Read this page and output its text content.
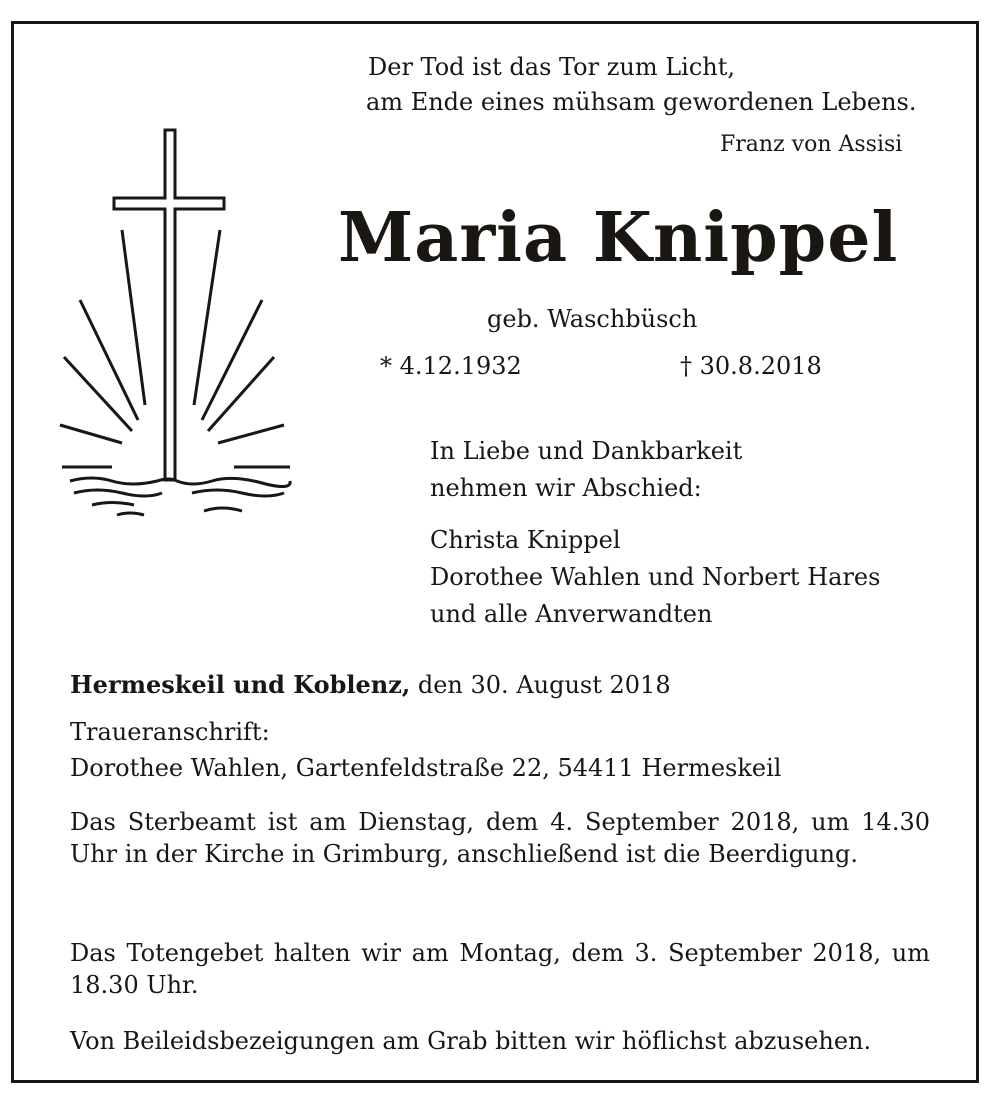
Der Tod ist das Tor zum Licht,
am Ende eines mühsam gewordenen Lebens.
Franz von Assisi
Maria Knippel
geb. Waschbüsch
* 4.12.1932	† 30.8.2018
In Liebe und Dankbarkeit
nehmen wir Abschied:
Christa Knippel
Dorothee Wahlen und Norbert Hares
und alle Anverwandten
Hermeskeil und Koblenz, den 30. August 2018
Traueranschrift:
Dorothee Wahlen, Gartenfeldstraße 22, 54411 Hermeskeil
Das Sterbeamt ist am Dienstag, dem 4. September 2018, um 14.30 Uhr in der Kirche in Grimburg, anschließend ist die Beerdigung.
Das Totengebet halten wir am Montag, dem 3. September 2018, um 18.30 Uhr.
Von Beileidsbezeigungen am Grab bitten wir höflichst abzusehen.
